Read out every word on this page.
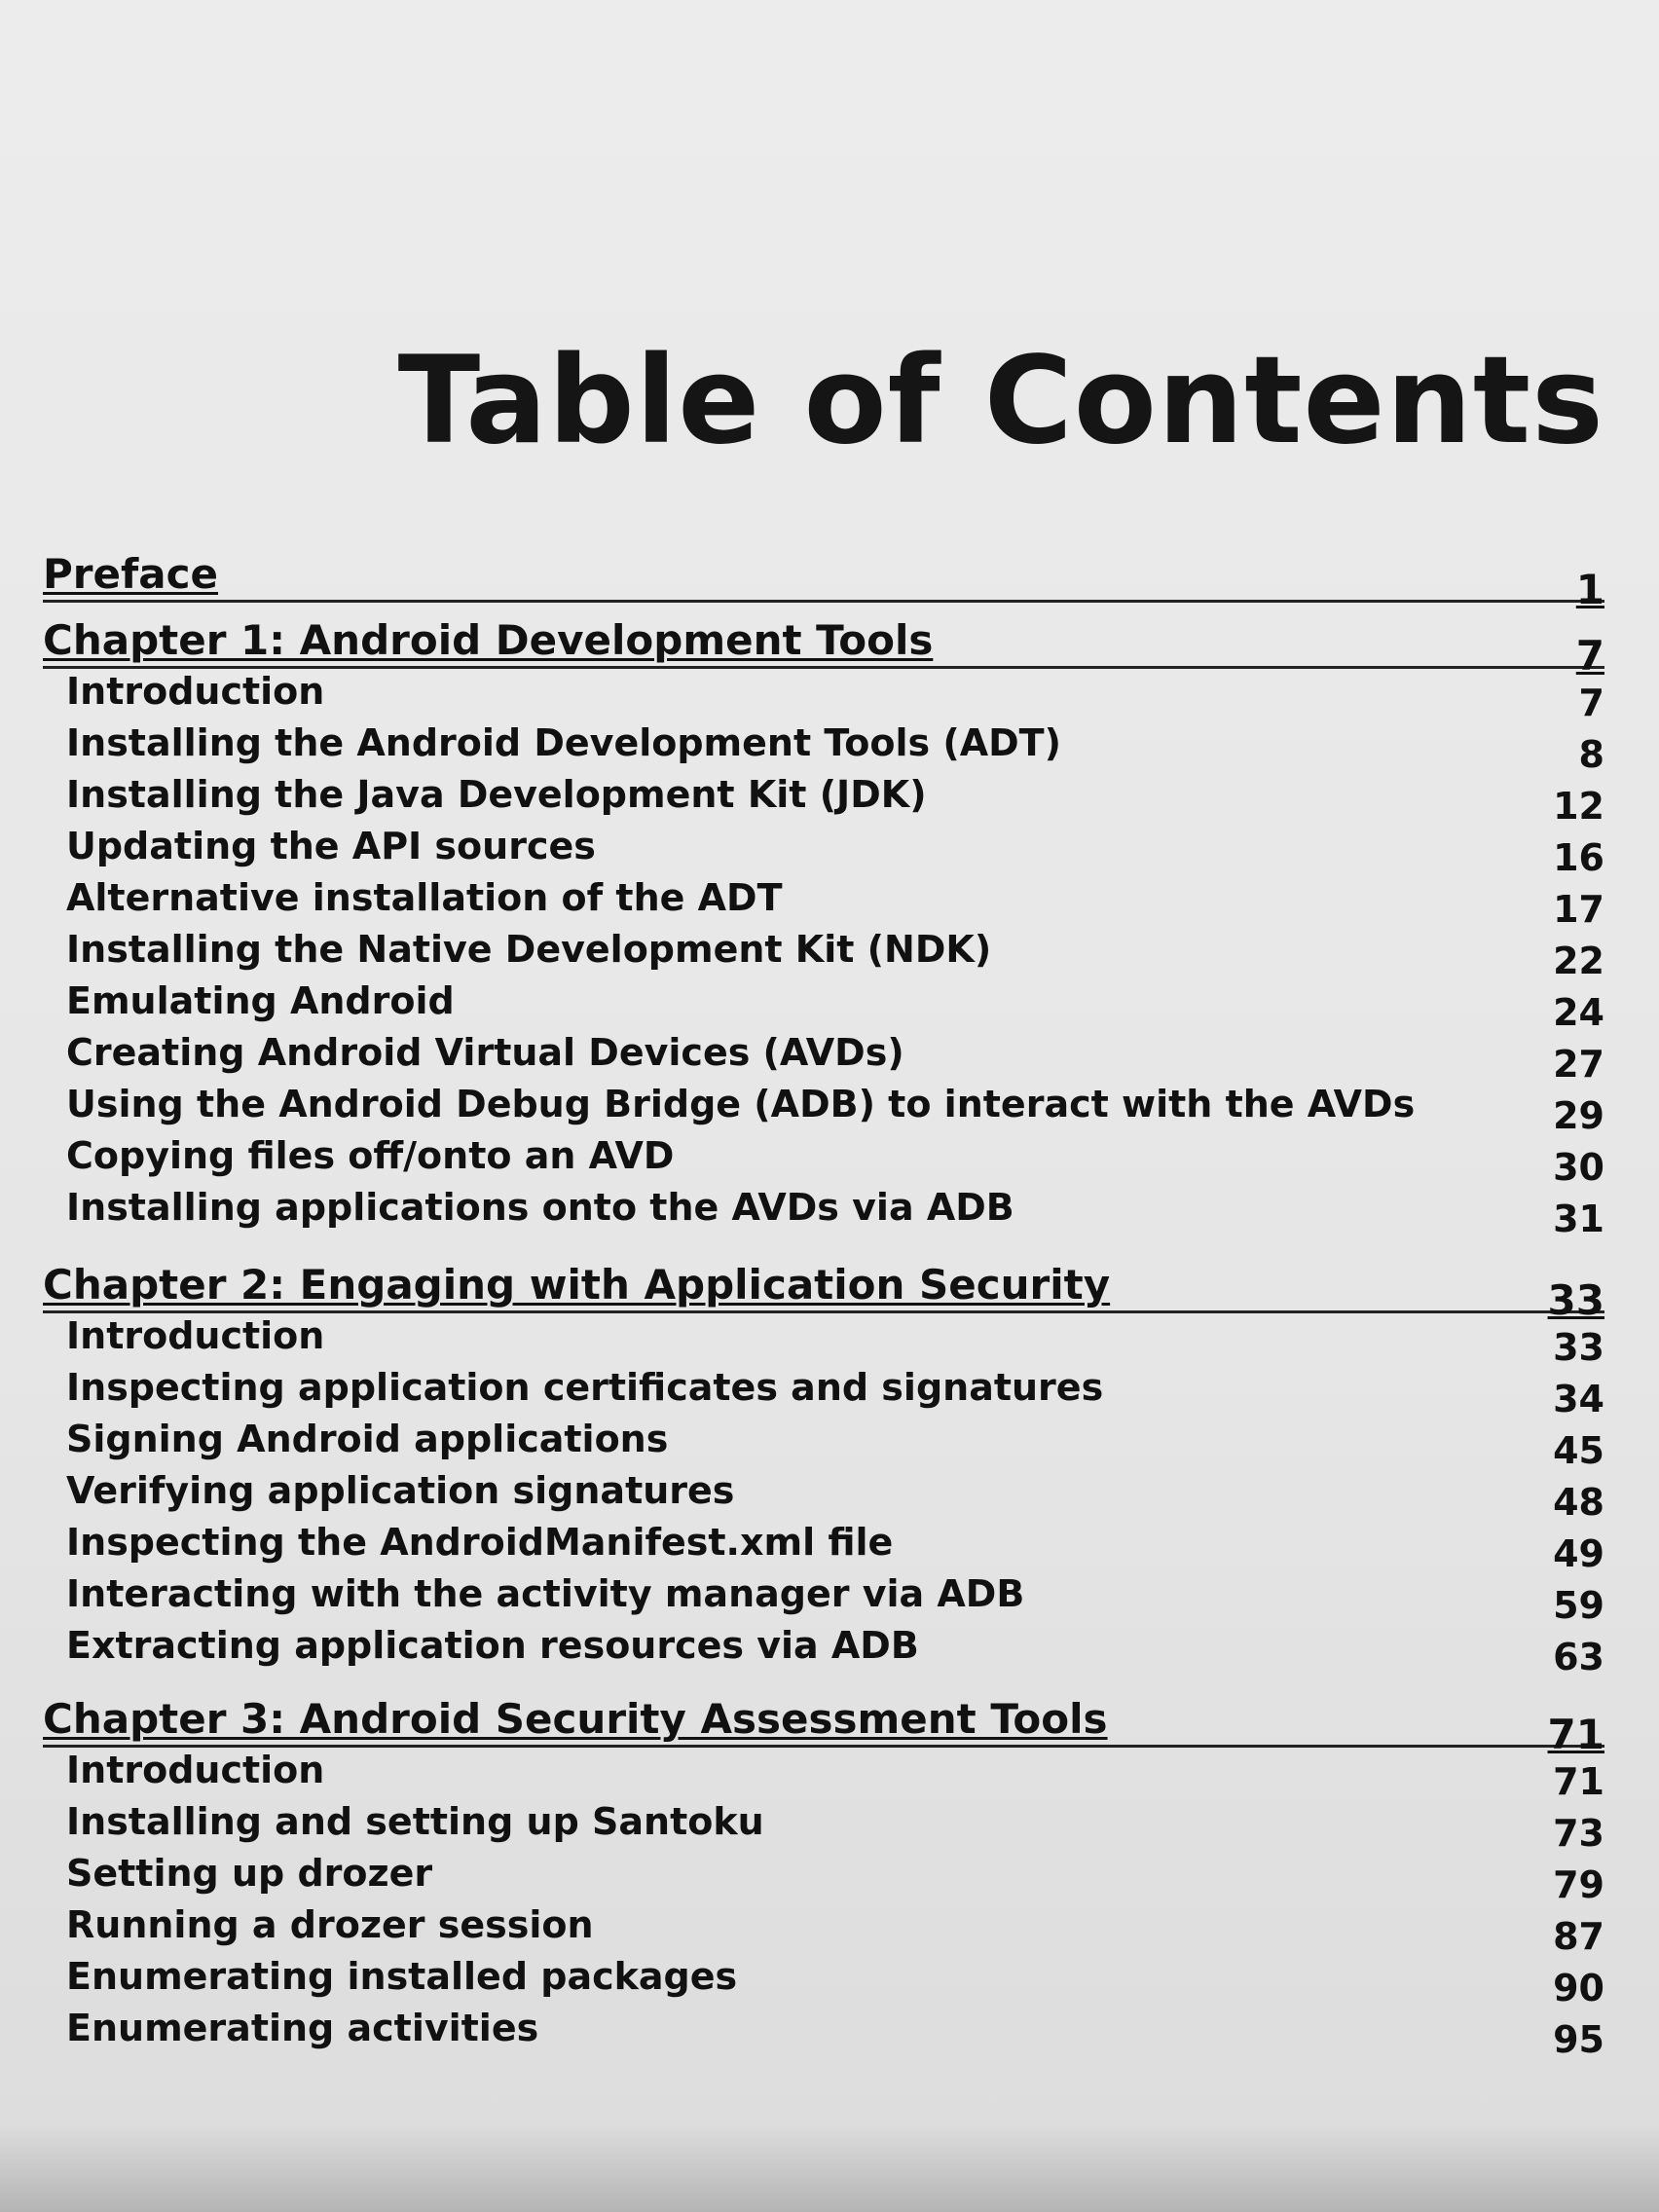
Table of Contents
Preface	1
Chapter 1: Android Development Tools	7
Introduction	7
Installing the Android Development Tools (ADT)	8
Installing the Java Development Kit (JDK)	12
Updating the API sources	16
Alternative installation of the ADT	17
Installing the Native Development Kit (NDK)	22
Emulating Android	24
Creating Android Virtual Devices (AVDs)	27
Using the Android Debug Bridge (ADB) to interact with the AVDs	29
Copying files off/onto an AVD	30
Installing applications onto the AVDs via ADB	31
Chapter 2: Engaging with Application Security	33
Introduction	33
Inspecting application certificates and signatures	34
Signing Android applications	45
Verifying application signatures	48
Inspecting the AndroidManifest.xml file	49
Interacting with the activity manager via ADB	59
Extracting application resources via ADB	63
Chapter 3: Android Security Assessment Tools	71
Introduction	71
Installing and setting up Santoku	73
Setting up drozer	79
Running a drozer session	87
Enumerating installed packages	90
Enumerating activities	95
